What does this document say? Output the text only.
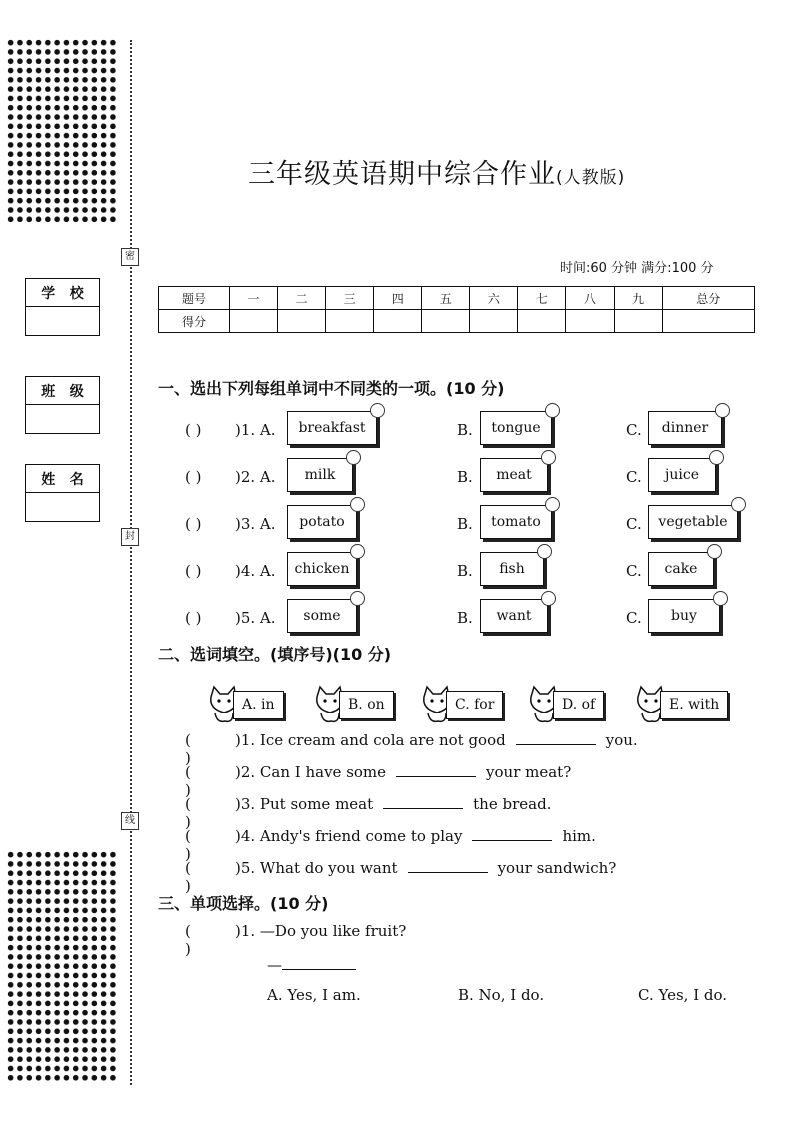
密
封
线
学 校
班 级
姓 名
三年级英语期中综合作业(人教版)
时间:60 分钟 满分:100 分
题号	一	二	三	四	五	六	七	八	九	总分
得分										
一、选出下列每组单词中不同类的一项。(10 分)
( ) )1. A. breakfast	B. tongue	C. dinner
( ) )2. A. milk	B. meat	C. juice
( ) )3. A. potato	B. tomato	C. vegetable
( ) )4. A. chicken	B. fish	C. cake
( ) )5. A. some	B. want	C. buy
二、选词填空。(填序号)(10 分)
A. in	B. on	C. for	D. of	E. with
( )
)1. Ice cream and cola are not good	you.
( )
)2. Can I have some	your meat?
( )
)3. Put some meat	the bread.
( )
)4. Andy's friend come to play	him.
( )
)5. What do you want	your sandwich?
三、单项选择。(10 分)
( )
)1. —Do you like fruit?
—
A. Yes, I am.	B. No, I do.	C. Yes, I do.
